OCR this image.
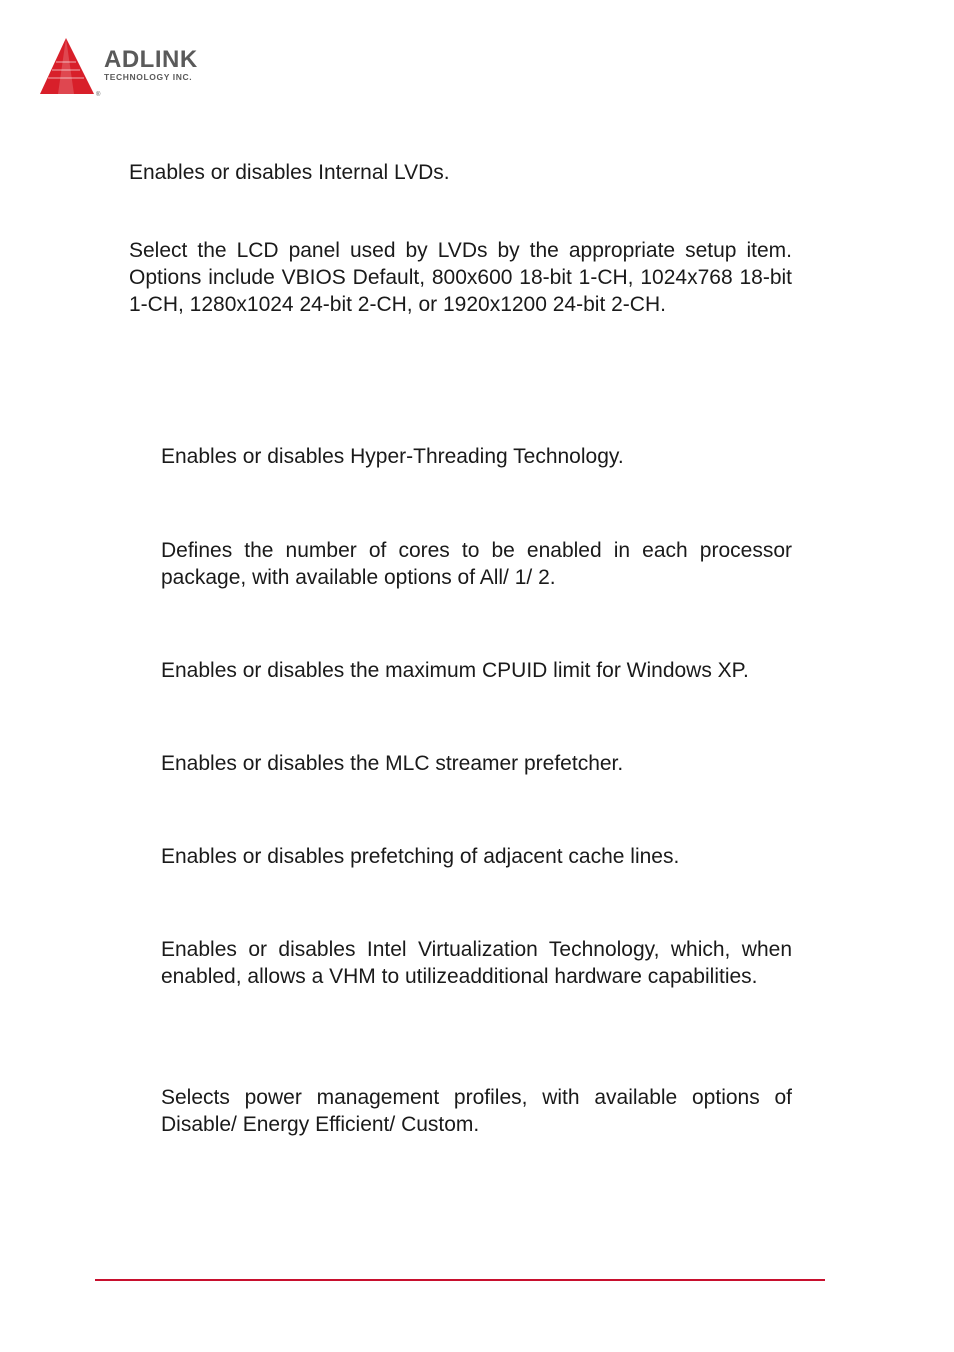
®
ADLINK
TECHNOLOGY INC.

Enables or disables Internal LVDs.

Select the LCD panel used by LVDs by the appropriate setup item. Options include VBIOS Default, 800x600 18-bit 1-CH, 1024x768 18-bit 1-CH, 1280x1024 24-bit 2-CH, or 1920x1200 24-bit 2-CH.

Enables or disables Hyper-Threading Technology.

Defines the number of cores to be enabled in each processor package, with available options of All/ 1/ 2.

Enables or disables the maximum CPUID limit for Windows XP.

Enables or disables the MLC streamer prefetcher.

Enables or disables prefetching of adjacent cache lines.

Enables or disables Intel Virtualization Technology, which, when enabled, allows a VHM to utilizeadditional hardware capabilities.

Selects power management profiles, with available options of Disable/ Energy Efficient/ Custom.
